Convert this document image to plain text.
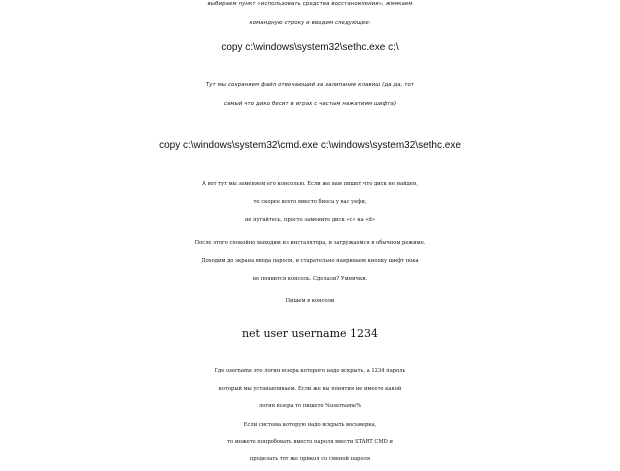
выбираем пункт «использовать средства восстановления», жмякаем
командную строку и вводим следующее:
copy c:\windows\system32\sethc.exe c:\
Тут мы сохраняем файл отвечающий за залипание клавиш (да да, тот
самый что дико бесит в играх с частым нажатиям шифта)
copy c:\windows\system32\cmd.exe c:\windows\system32\sethc.exe
А вот тут мы заменяем его консолью. Если же вам пишет что диск не найден,
то скорее всего вместо биоса у вас уефи,
не пугайтесь, просто замените диск «c» на «d»
После этого спокойно выходим из инсталятора, и загружаемся в обычном режиме.
Доходим до экрана ввода пароля, и старательно наяриваем кнопку шифт пока
не появится консоль. Сделали? Умнички.
Пишем в консоли
net user username 1234
Где username это логин юзера которого надо вскрыть, а 1234 пароль
который мы устанавливаем. Если же вы понятия не имеете какой
логин юзера то пишете %username%
Если система которую надо вскрыть восьмерка,
то можете попробовать вместо пароля ввести START CMD и
проделать тот же прикол со сменой пароля
